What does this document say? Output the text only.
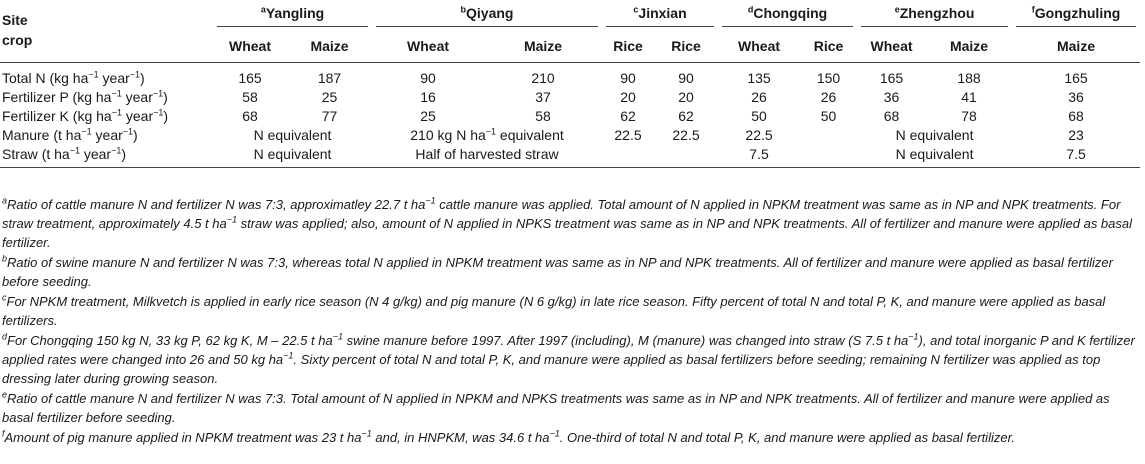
Site	$^a$Yangling		$^b$Qiyang		$^c$Jinxian		$^d$Chongqing		$^e$Zhengzhou		$^f$Gongzhuling

crop	Wheat	Maize	Wheat	Maize	Rice	Rice	Wheat	Rice	Wheat	Maize	Maize
Total N (kg $ha^{-1}$ year$^{-1}$)	165	187	90	210	90	90	135	150	165	188	165
Fertilizer P (kg $ha^{-1}$ year$^{-1}$)	58	25	16	37	20	20	26	26	36	41	36
Fertilizer K (kg $ha^{-1}$ year$^{-1}$)	68	77	25	58	62	62	50	50	68	78	68
Manure (t $ha^{-1}$ year$^{-1}$)	N equivalent		210 kg N $ha^{-1}$ equivalent		22.5	22.5	22.5		N equivalent		23
Straw (t $ha^{-1}$ year$^{-1}$)	N equivalent		Half of harvested straw				7.5		N equivalent		7.5

$^a$Ratio of cattle manure N and fertilizer N was 7:3, approximatley 22.7 t $ha^{-1}$ cattle manure was applied. Total amount of N applied in NPKM treatment was same as in NP and NPK treatments. For straw treatment, approximately 4.5 t $ha^{-1}$ straw was applied; also, amount of N applied in NPKS treatment was same as in NP and NPK treatments. All of fertilizer and manure were applied as basal fertilizer.

$^b$Ratio of swine manure N and fertilizer N was 7:3, whereas total N applied in NPKM treatment was same as in NP and NPK treatments. All of fertilizer and manure were applied as basal fertilizer before seeding.

$^c$For NPKM treatment, Milkvetch is applied in early rice season (N 4 g/kg) and pig manure (N 6 g/kg) in late rice season. Fifty percent of total N and total P, K, and manure were applied as basal fertilizers.

$^d$For Chongqing 150 kg N, 33 kg P, 62 kg K, M – 22.5 t $ha^{-1}$ swine manure before 1997. After 1997 (including), M (manure) was changed into straw (S 7.5 t $ha^{-1}$), and total inorganic P and K fertilizer applied rates were changed into 26 and 50 kg $ha^{-1}$. Sixty percent of total N and total P, K, and manure were applied as basal fertilizers before seeding; remaining N fertilizer was applied as top dressing later during growing season.

$^e$Ratio of cattle manure N and fertilizer N was 7:3. Total amount of N applied in NPKM and NPKS treatments was same as in NP and NPK treatments. All of fertilizer and manure were applied as basal fertilizer before seeding.

$^f$Amount of pig manure applied in NPKM treatment was 23 t $ha^{-1}$ and, in HNPKM, was 34.6 t $ha^{-1}$. One-third of total N and total P, K, and manure were applied as basal fertilizer.
